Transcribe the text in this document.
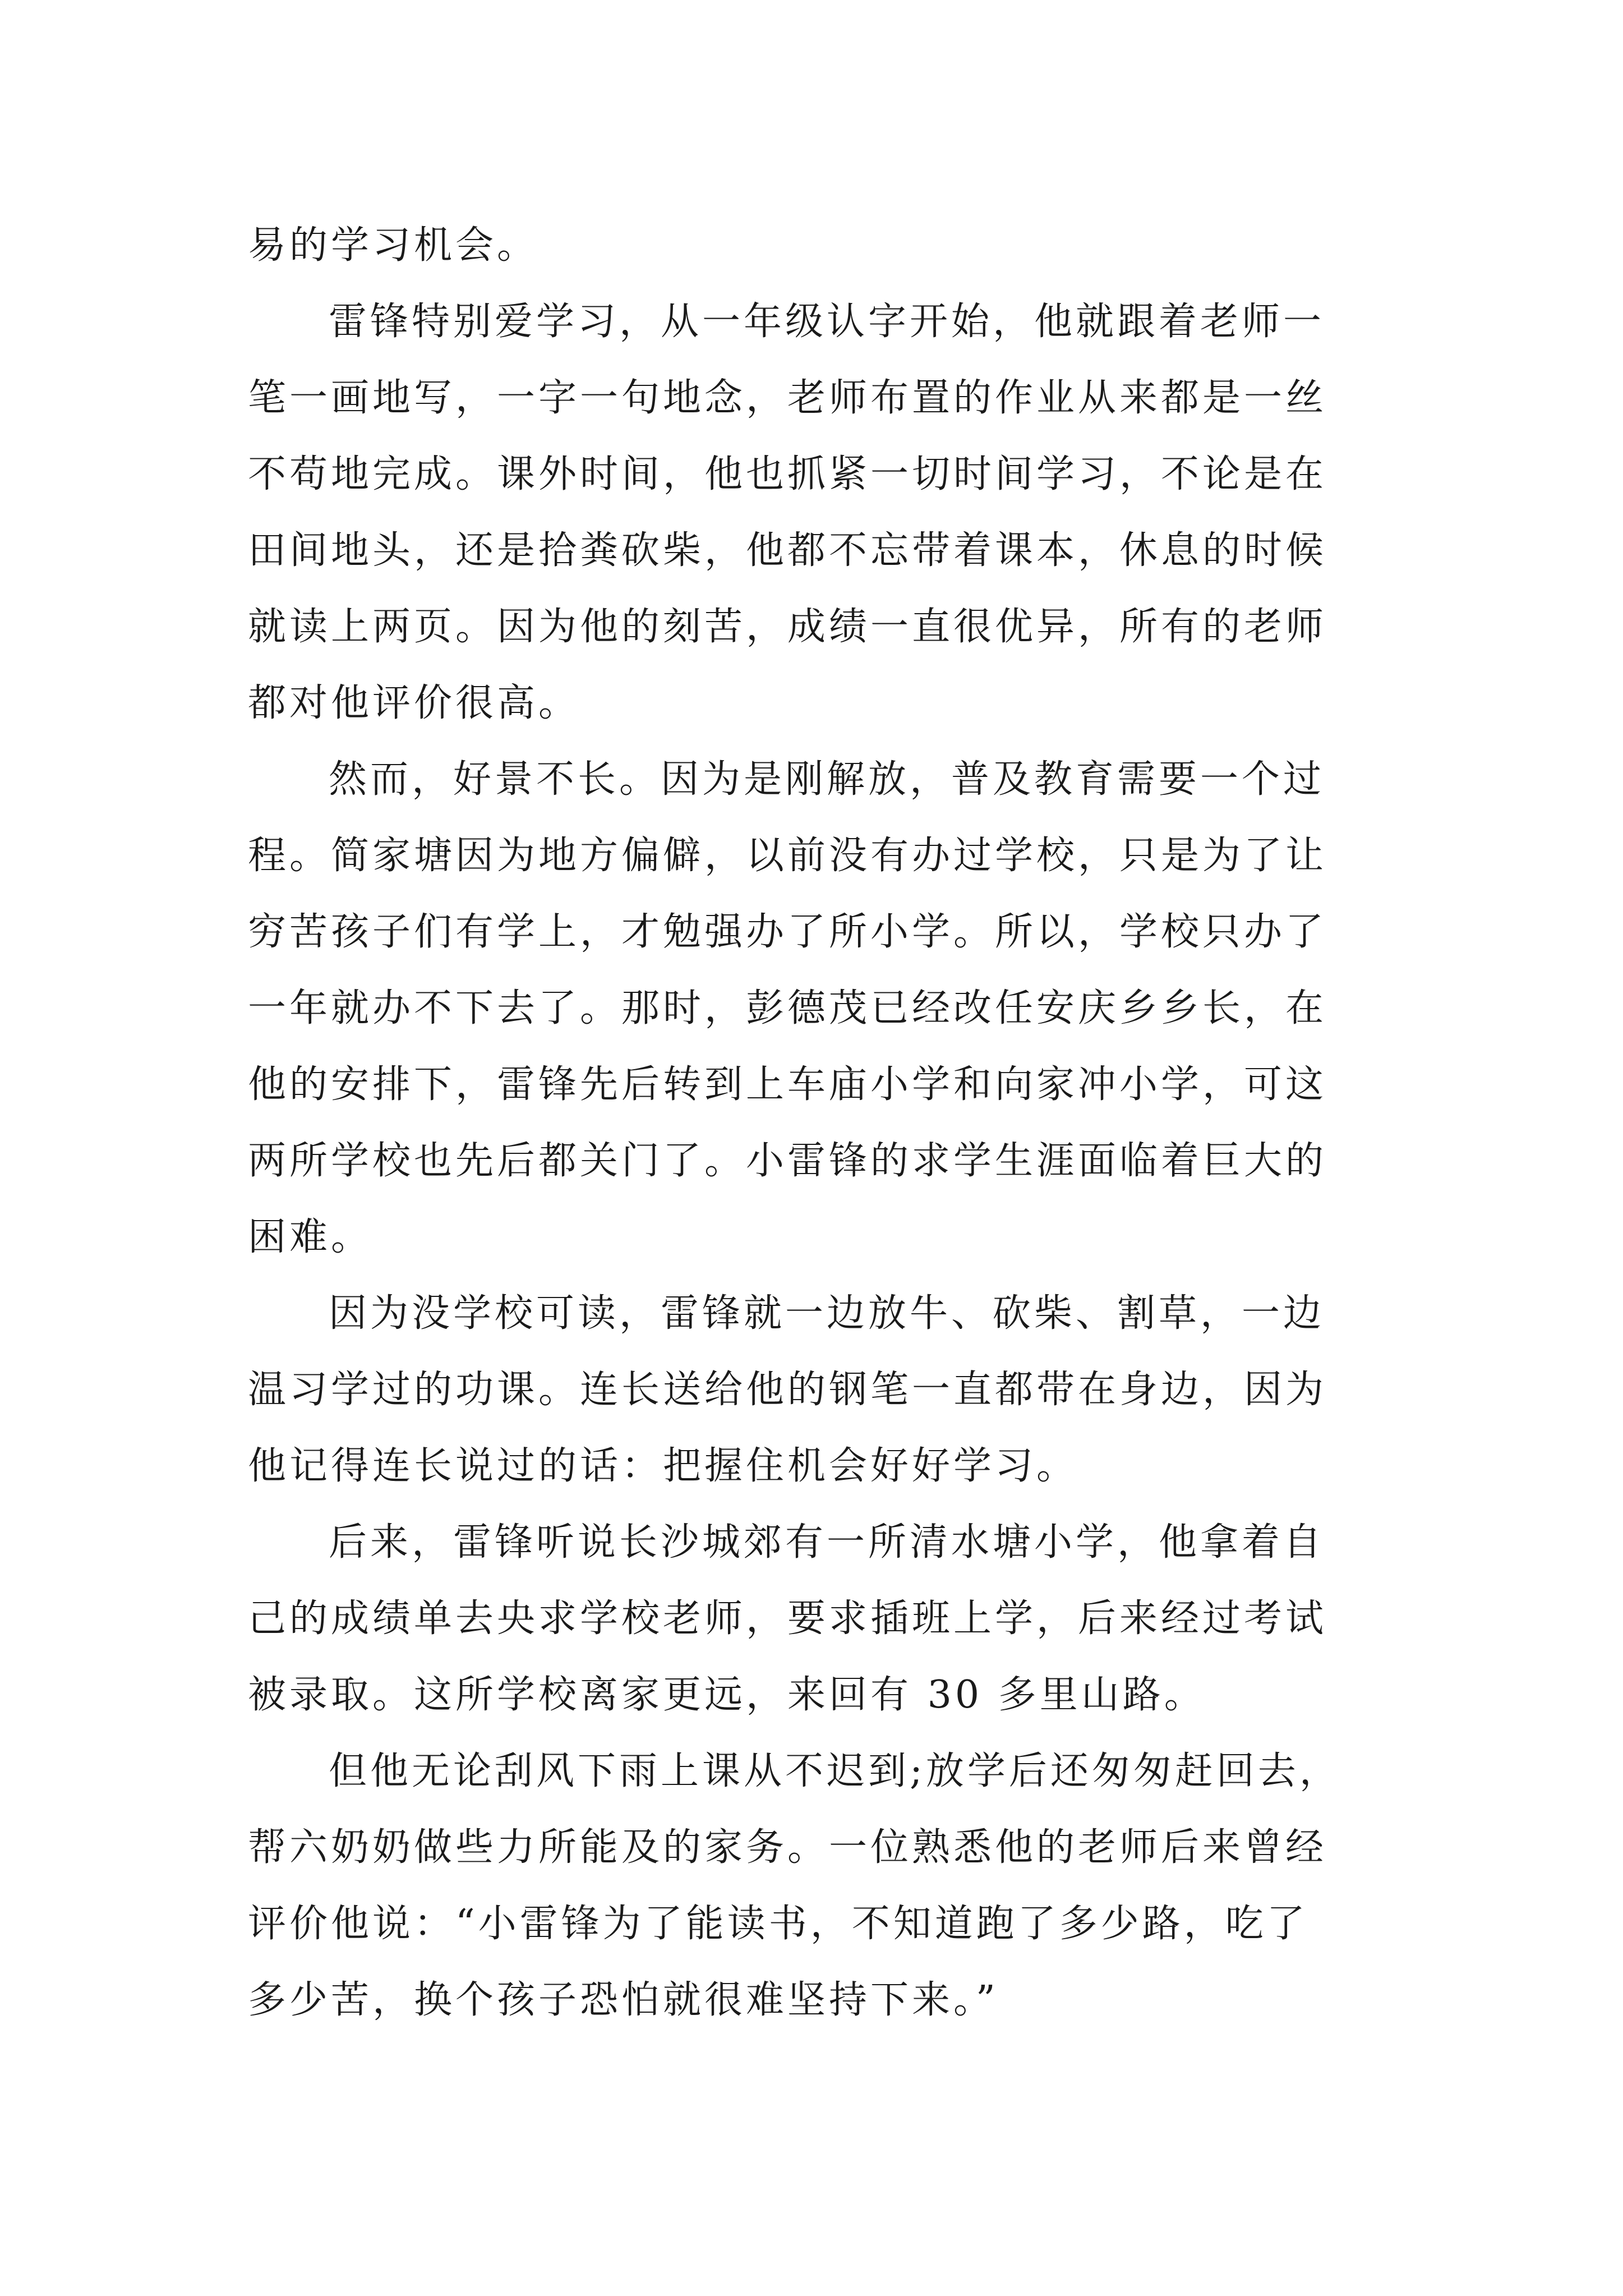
易的学习机会。
雷锋特别爱学习，从一年级认字开始，他就跟着老师一
笔一画地写，一字一句地念，老师布置的作业从来都是一丝
不苟地完成。课外时间，他也抓紧一切时间学习，不论是在
田间地头，还是拾粪砍柴，他都不忘带着课本，休息的时候
就读上两页。因为他的刻苦，成绩一直很优异，所有的老师
都对他评价很高。
然而，好景不长。因为是刚解放，普及教育需要一个过
程。简家塘因为地方偏僻，以前没有办过学校，只是为了让
穷苦孩子们有学上，才勉强办了所小学。所以，学校只办了
一年就办不下去了。那时，彭德茂已经改任安庆乡乡长，在
他的安排下，雷锋先后转到上车庙小学和向家冲小学，可这
两所学校也先后都关门了。小雷锋的求学生涯面临着巨大的
困难。
因为没学校可读，雷锋就一边放牛、砍柴、割草，一边
温习学过的功课。连长送给他的钢笔一直都带在身边，因为
他记得连长说过的话：把握住机会好好学习。
后来，雷锋听说长沙城郊有一所清水塘小学，他拿着自
己的成绩单去央求学校老师，要求插班上学，后来经过考试
被录取。这所学校离家更远，来回有 30 多里山路。
但他无论刮风下雨上课从不迟到;放学后还匆匆赶回去，
帮六奶奶做些力所能及的家务。一位熟悉他的老师后来曾经
评价他说：“小雷锋为了能读书，不知道跑了多少路，吃了
多少苦，换个孩子恐怕就很难坚持下来。”
